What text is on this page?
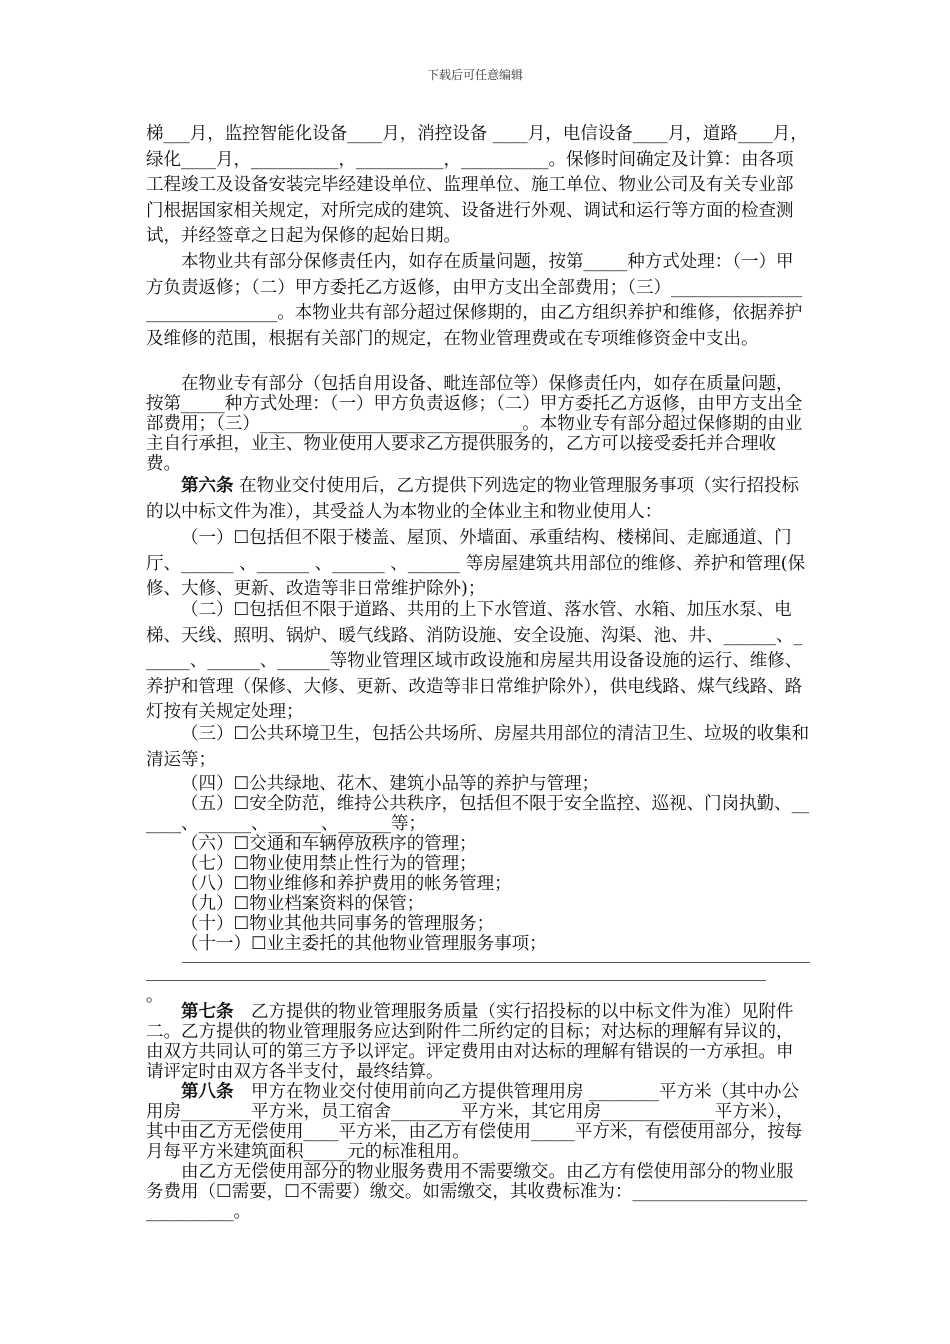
下载后可任意编辑

梯___月，监控智能化设备____月，消控设备 ____月，电信设备____月，道路____月，绿化____月，__________，__________，__________。保修时间确定及计算：由各项工程竣工及设备安装完毕经建设单位、监理单位、施工单位、物业公司及有关专业部门根据国家相关规定，对所完成的建筑、设备进行外观、调试和运行等方面的检查测试，并经签章之日起为保修的起始日期。

本物业共有部分保修责任内，如存在质量问题，按第_____种方式处理：（一）甲方负责返修；（二）甲方委托乙方返修，由甲方支出全部费用；（三）______________________________。本物业共有部分超过保修期的，由乙方组织养护和维修，依据养护及维修的范围，根据有关部门的规定，在物业管理费或在专项维修资金中支出。

在物业专有部分（包括自用设备、毗连部位等）保修责任内，如存在质量问题，按第_____种方式处理：（一）甲方负责返修；（二）甲方委托乙方返修，由甲方支出全部费用；（三）______________________________。本物业专有部分超过保修期的由业主自行承担，业主、物业使用人要求乙方提供服务的，乙方可以接受委托并合理收费。

第六条 在物业交付使用后，乙方提供下列选定的物业管理服务事项（实行招投标的以中标文件为准），其受益人为本物业的全体业主和物业使用人：

（一）☐包括但不限于楼盖、屋顶、外墙面、承重结构、楼梯间、走廊通道、门厅、______ 、______ 、______ 、______ 等房屋建筑共用部位的维修、养护和管理(保修、大修、更新、改造等非日常维护除外)；

（二）☐包括但不限于道路、共用的上下水管道、落水管、水箱、加压水泵、电梯、天线、照明、锅炉、暖气线路、消防设施、安全设施、沟渠、池、井、______、______、______、______等物业管理区域市政设施和房屋共用设备设施的运行、维修、养护和管理（保修、大修、更新、改造等非日常维护除外），供电线路、煤气线路、路灯按有关规定处理；

（三）☐公共环境卫生，包括公共场所、房屋共用部位的清洁卫生、垃圾的收集和清运等；

（四）☐公共绿地、花木、建筑小品等的养护与管理；

（五）☐安全防范，维持公共秩序，包括但不限于安全监控、巡视、门岗执勤、______、______、______、______等；

（六）☐交通和车辆停放秩序的管理；

（七）☐物业使用禁止性行为的管理；

（八）☐物业维修和养护费用的帐务管理；

（九）☐物业档案资料的保管；

（十）☐物业其他共同事务的管理服务；

（十一）☐业主委托的其他物业管理服务事项；

。

第七条　乙方提供的物业管理服务质量（实行招投标的以中标文件为准）见附件二。乙方提供的物业管理服务应达到附件二所约定的目标；对达标的理解有异议的，由双方共同认可的第三方予以评定。评定费用由对达标的理解有错误的一方承担。申请评定时由双方各半支付，最终结算。

第八条　甲方在物业交付使用前向乙方提供管理用房 ________平方米（其中办公用房________平方米，员工宿舍________平方米，其它用房_____________平方米），其中由乙方无偿使用____平方米，由乙方有偿使用_____平方米，有偿使用部分，按每月每平方米建筑面积_____元的标准租用。

由乙方无偿使用部分的物业服务费用不需要缴交。由乙方有偿使用部分的物业服务费用（☐需要，☐不需要）缴交。如需缴交，其收费标准为：______________________________。
